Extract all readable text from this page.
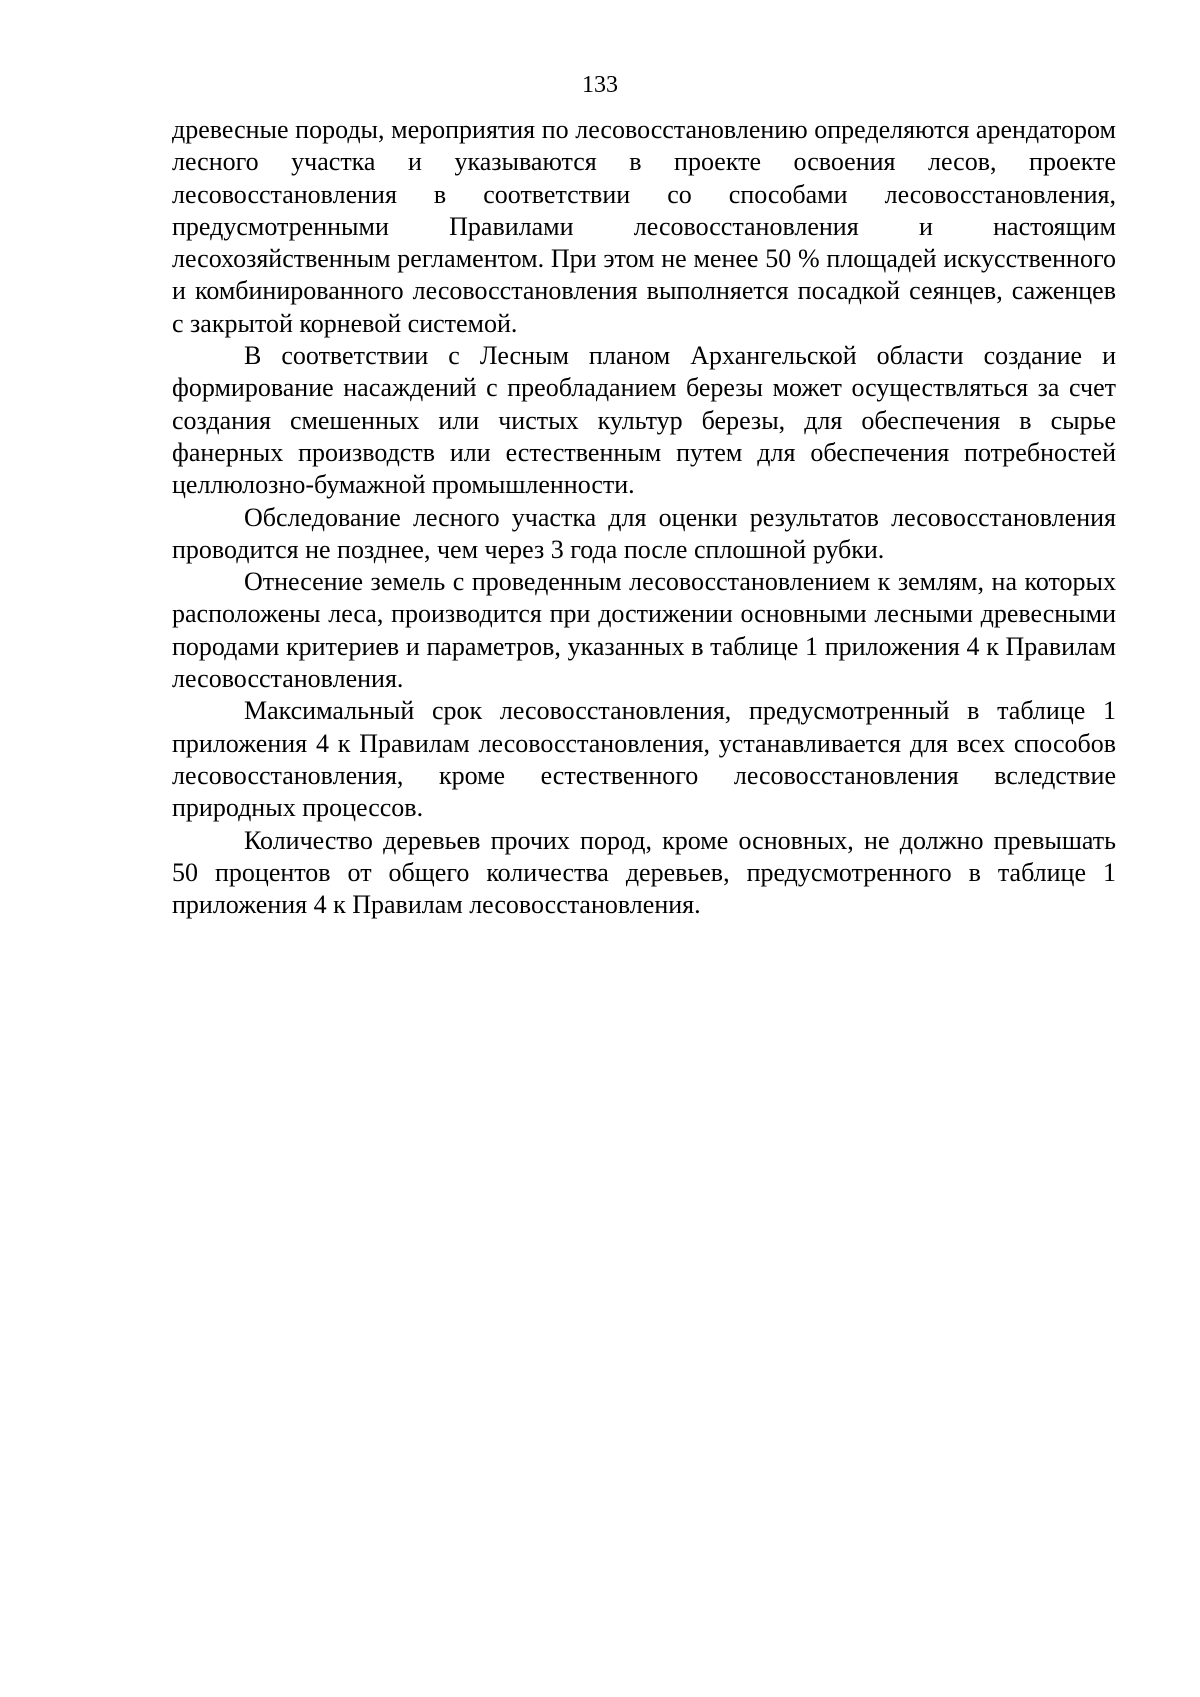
133

древесные породы, мероприятия по лесовосстановлению определяются арендатором лесного участка и указываются в проекте освоения лесов, проекте лесовосстановления в соответствии со способами лесовосстановления, предусмотренными Правилами лесовосстановления и настоящим лесохозяйственным регламентом. При этом не менее 50 % площадей искусственного и комбинированного лесовосстановления выполняется посадкой сеянцев, саженцев с закрытой корневой системой.

В соответствии с Лесным планом Архангельской области создание и формирование насаждений с преобладанием березы может осуществляться за счет создания смешенных или чистых культур березы, для обеспечения в сырье фанерных производств или естественным путем для обеспечения потребностей целлюлозно-бумажной промышленности.

Обследование лесного участка для оценки результатов лесовосстановления проводится не позднее, чем через 3 года после сплошной рубки.

Отнесение земель с проведенным лесовосстановлением к землям, на которых расположены леса, производится при достижении основными лесными древесными породами критериев и параметров, указанных в таблице 1 приложения 4 к Правилам лесовосстановления.

Максимальный срок лесовосстановления, предусмотренный в таблице 1 приложения 4 к Правилам лесовосстановления, устанавливается для всех способов лесовосстановления, кроме естественного лесовосстановления вследствие природных процессов.

Количество деревьев прочих пород, кроме основных, не должно превышать 50 процентов от общего количества деревьев, предусмотренного в таблице 1 приложения 4 к Правилам лесовосстановления.
